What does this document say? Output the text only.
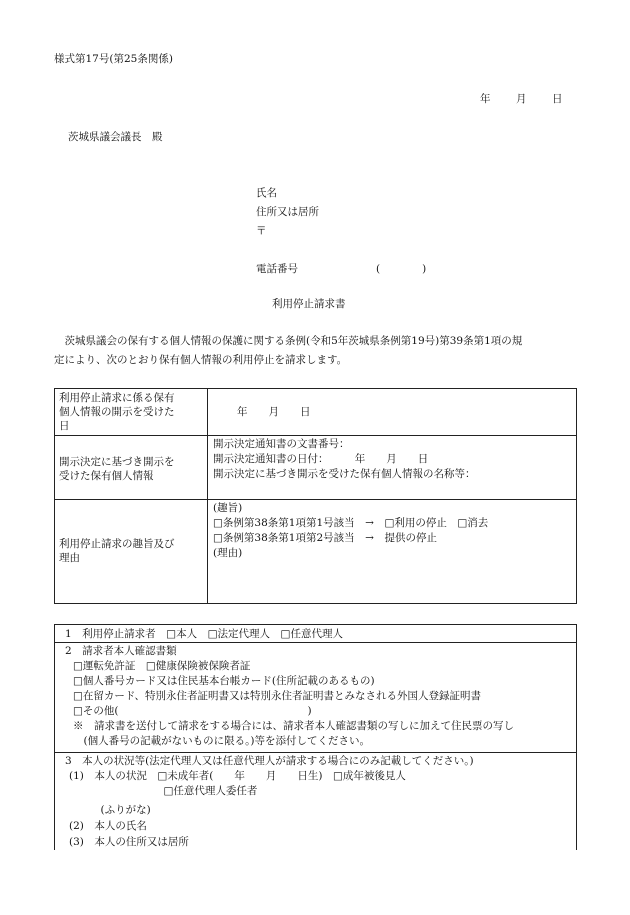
様式第17号(第25条関係)
年 月 日
茨城県議会議長　殿
氏名
住所又は居所
〒
電話番号	(　　　　)
利用停止請求書
　茨城県議会の保有する個人情報の保護に関する条例(令和5年茨城県条例第19号)第39条第1項の規
定により、次のとおり保有個人情報の利用停止を請求します。
利用停止請求に係る保有
個人情報の開示を受けた
日
年　　月　　日
開示決定に基づき開示を
受けた保有個人情報
開示決定通知書の文書番号：
開示決定通知書の日付：　　　年　　月　　日
開示決定に基づき開示を受けた保有個人情報の名称等：
利用停止請求の趣旨及び
理由
(趣旨)
□条例第38条第1項第1号該当　→　□利用の停止　□消去
□条例第38条第1項第2号該当　→　提供の停止
(理由)
1　利用停止請求者　□本人　□法定代理人　□任意代理人
2　請求者本人確認書類
□運転免許証　□健康保険被保険者証
□個人番号カード又は住民基本台帳カード(住所記載のあるもの)
□在留カード、特別永住者証明書又は特別永住者証明書とみなされる外国人登録証明書
□その他(　　　　　　　　　　　　　　　　　　)
※　請求書を送付して請求をする場合には、請求者本人確認書類の写しに加えて住民票の写し
　(個人番号の記載がないものに限る。)等を添付してください。
3　本人の状況等(法定代理人又は任意代理人が請求する場合にのみ記載してください。)
(1)　本人の状況　□未成年者(　　年　　月　　日生)　□成年被後見人
　　　　　　　　　□任意代理人委任者
　　　(ふりがな)
(2)　本人の氏名
(3)　本人の住所又は居所
